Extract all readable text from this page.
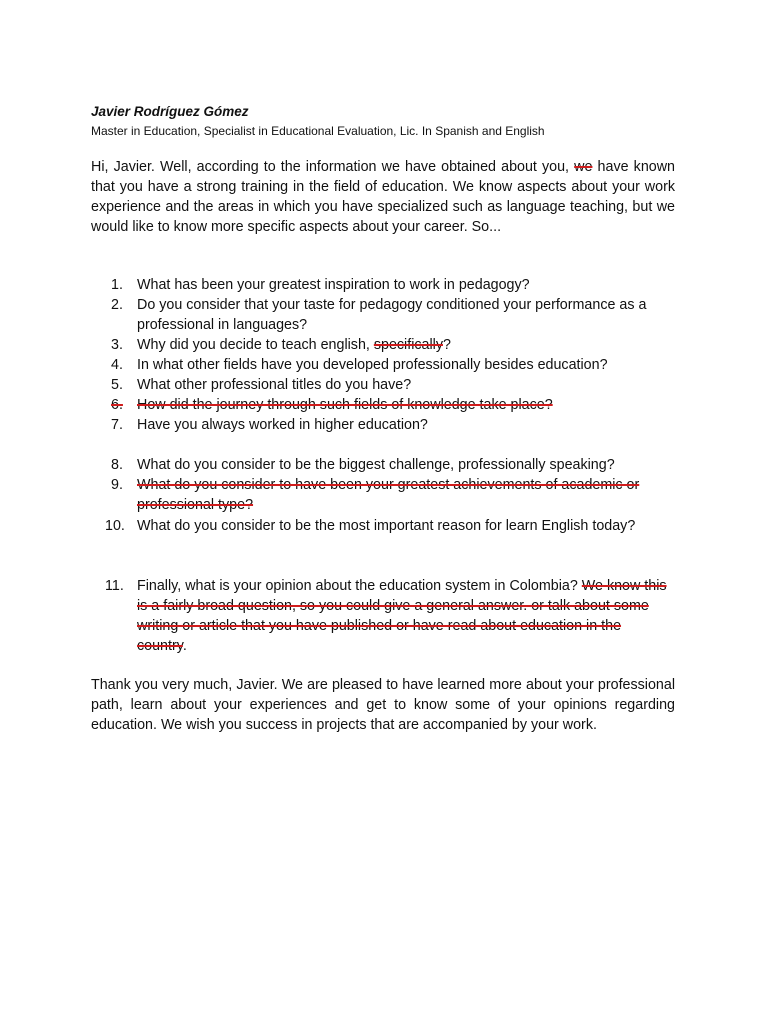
Javier Rodríguez Gómez
Master in Education, Specialist in Educational Evaluation, Lic. In Spanish and English
Hi, Javier. Well, according to the information we have obtained about you, we have known that you have a strong training in the field of education. We know aspects about your work experience and the areas in which you have specialized such as language teaching, but we would like to know more specific aspects about your career. So...
1. What has been your greatest inspiration to work in pedagogy?
2. Do you consider that your taste for pedagogy conditioned your performance as a professional in languages?
3. Why did you decide to teach english, specifically?
4. In what other fields have you developed professionally besides education?
5. What other professional titles do you have?
6. How did the journey through such fields of knowledge take place?
7. Have you always worked in higher education?
8. What do you consider to be the biggest challenge, professionally speaking?
9. What do you consider to have been your greatest achievements of academic or professional type?
10. What do you consider to be the most important reason for learn English today?
11. Finally, what is your opinion about the education system in Colombia? We know this is a fairly broad question, so you could give a general answer. or talk about some writing or article that you have published or have read about education in the country.
Thank you very much, Javier. We are pleased to have learned more about your professional path, learn about your experiences and get to know some of your opinions regarding education. We wish you success in projects that are accompanied by your work.
